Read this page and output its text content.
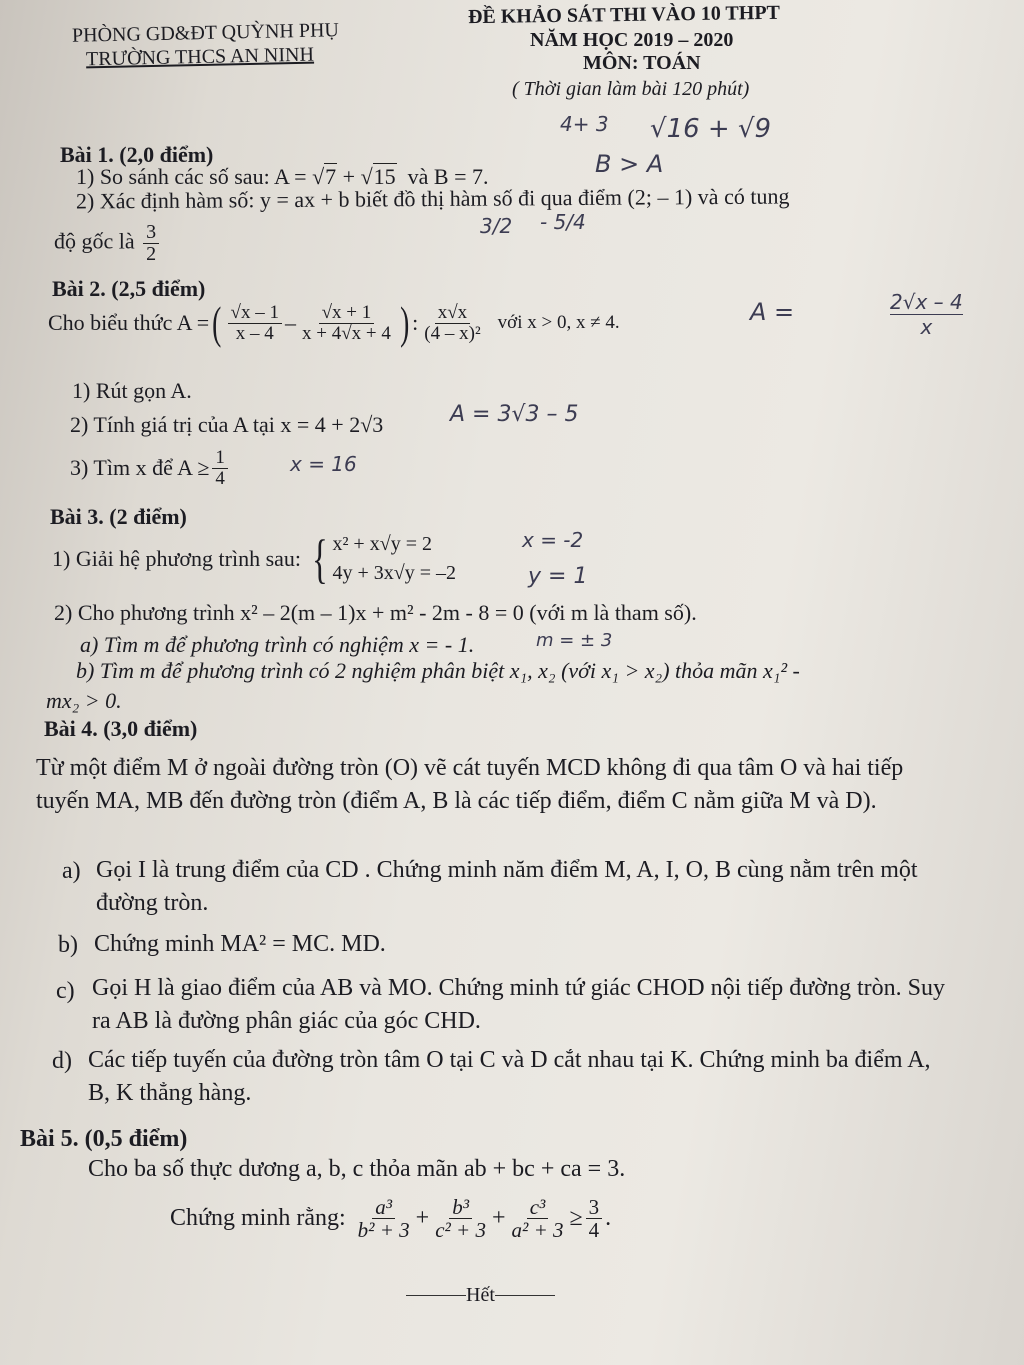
PHÒNG GD&ĐT QUỲNH PHỤ
TRƯỜNG THCS AN NINH
ĐỀ KHẢO SÁT THI VÀO 10 THPT
NĂM HỌC 2019 – 2020
MÔN: TOÁN
( Thời gian làm bài 120 phút)
4+ 3 √16 + √9
B > A
Bài 1. (2,0 điểm)
1) So sánh các số sau: A = √7 + √15 và B = 7.
2) Xác định hàm số: y = ax + b biết đồ thị hàm số đi qua điểm (2; – 1) và có tung
độ gốc là $\frac{3}{2}$	3/2 - 5/4
Bài 2. (2,5 điểm)
Cho biểu thức A = ( $\frac{√x - 1}{x - 4} - \frac{√x + 1}{x + 4√x + 4}$ ) : $\frac{x√x}{\text{(4 – x)²}}$
với x > 0, x ≠ 4.	A =	2√x – 4
x
1) Rút gọn A.
2) Tính giá trị của A tại x = 4 + 2√3	A = 3√3 – 5
3) Tìm x để $A \ge \frac{1}{4}$	x = 16
Bài 3. (2 điểm)
1) Giải hệ phương trình sau:
{ x² + x√y = 2
4y + 3x√y = –2
x = -2
y = 1
2) Cho phương trình x² – 2(m – 1)x + m² - 2m - 8 = 0 (với m là tham số).
a) Tìm m để phương trình có nghiệm x = - 1.	m = ± 3
b) Tìm m để phương trình có 2 nghiệm phân biệt x₁, x₂ (với x₁ > x₂) thỏa mãn x₁² -
mx₂ > 0.
Bài 4. (3,0 điểm)
Từ một điểm M ở ngoài đường tròn (O) vẽ cát tuyến MCD không đi qua tâm O và hai tiếp tuyến MA, MB đến đường tròn (điểm A, B là các tiếp điểm, điểm C nằm giữa M và D).
a) Gọi I là trung điểm của CD . Chứng minh năm điểm M, A, I, O, B cùng nằm trên một đường tròn.
b) Chứng minh MA² = MC. MD.
c) Gọi H là giao điểm của AB và MO. Chứng minh tứ giác CHOD nội tiếp đường tròn. Suy ra AB là đường phân giác của góc CHD.
d) Các tiếp tuyến của đường tròn tâm O tại C và D cắt nhau tại K. Chứng minh ba điểm A, B, K thẳng hàng.
Bài 5. (0,5 điểm)
Cho ba số thực dương a, b, c thỏa mãn ab + bc + ca = 3.
Chứng minh rằng:
$\frac{\text{a³}}{\text{b² + 3}} + \frac{\text{b³}}{\text{c² + 3}} + \frac{\text{c³}}{\text{a² + 3}} \ge \frac{3}{4}$ .
Hết
